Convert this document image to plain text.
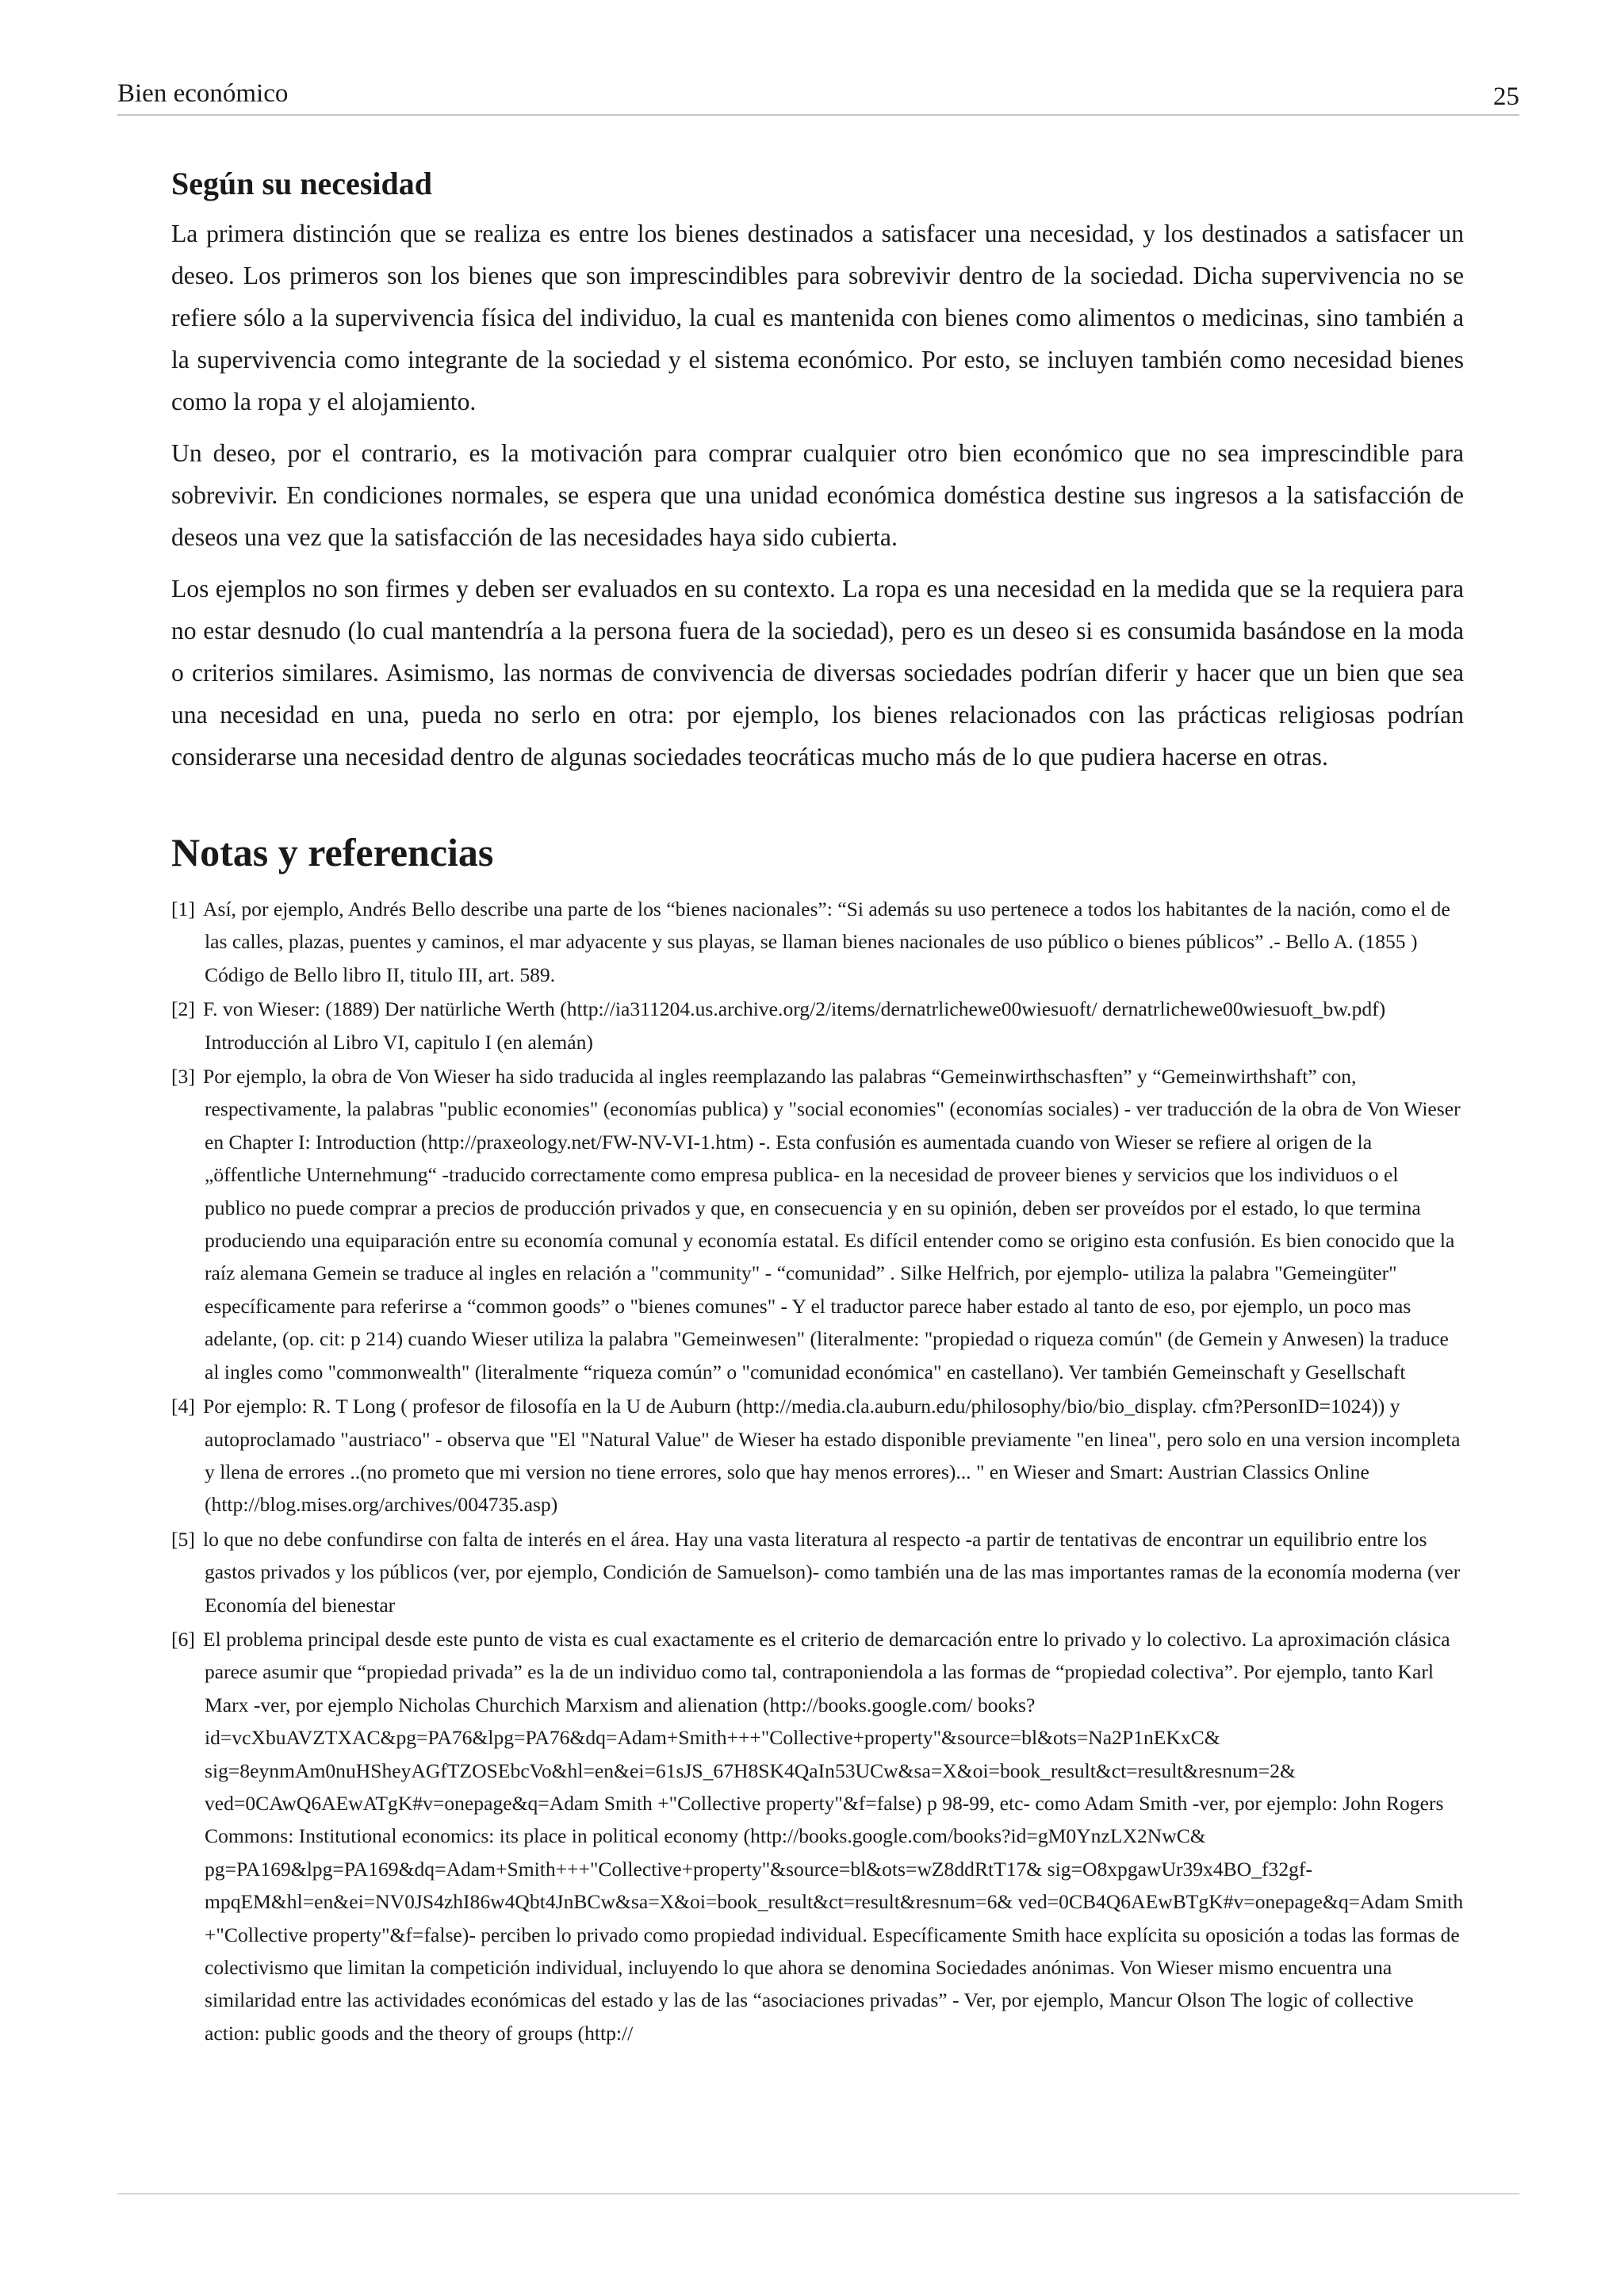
Bien económico	25
Según su necesidad

La primera distinción que se realiza es entre los bienes destinados a satisfacer una necesidad, y los destinados a satisfacer un deseo. Los primeros son los bienes que son imprescindibles para sobrevivir dentro de la sociedad. Dicha supervivencia no se refiere sólo a la supervivencia física del individuo, la cual es mantenida con bienes como alimentos o medicinas, sino también a la supervivencia como integrante de la sociedad y el sistema económico. Por esto, se incluyen también como necesidad bienes como la ropa y el alojamiento.

Un deseo, por el contrario, es la motivación para comprar cualquier otro bien económico que no sea imprescindible para sobrevivir. En condiciones normales, se espera que una unidad económica doméstica destine sus ingresos a la satisfacción de deseos una vez que la satisfacción de las necesidades haya sido cubierta.

Los ejemplos no son firmes y deben ser evaluados en su contexto. La ropa es una necesidad en la medida que se la requiera para no estar desnudo (lo cual mantendría a la persona fuera de la sociedad), pero es un deseo si es consumida basándose en la moda o criterios similares. Asimismo, las normas de convivencia de diversas sociedades podrían diferir y hacer que un bien que sea una necesidad en una, pueda no serlo en otra: por ejemplo, los bienes relacionados con las prácticas religiosas podrían considerarse una necesidad dentro de algunas sociedades teocráticas mucho más de lo que pudiera hacerse en otras.

Notas y referencias
[1] Así, por ejemplo, Andrés Bello describe una parte de los “bienes nacionales”: “Si además su uso pertenece a todos los habitantes de la nación, como el de las calles, plazas, puentes y caminos, el mar adyacente y sus playas, se llaman bienes nacionales de uso público o bienes públicos” .- Bello A. (1855 ) Código de Bello libro II, titulo III, art. 589.
[2] F. von Wieser: (1889) Der natürliche Werth (http://ia311204.us.archive.org/2/items/dernatrlichewe00wiesuoft/ dernatrlichewe00wiesuoft_bw.pdf) Introducción al Libro VI, capitulo I (en alemán)
[3] Por ejemplo, la obra de Von Wieser ha sido traducida al ingles reemplazando las palabras “Gemeinwirthschasften” y “Gemeinwirthshaft” con, respectivamente, la palabras "public economies" (economías publica) y "social economies" (economías sociales) - ver traducción de la obra de Von Wieser en Chapter I: Introduction (http://praxeology.net/FW-NV-VI-1.htm) -. Esta confusión es aumentada cuando von Wieser se refiere al origen de la „öffentliche Unternehmung“ -traducido correctamente como empresa publica- en la necesidad de proveer bienes y servicios que los individuos o el publico no puede comprar a precios de producción privados y que, en consecuencia y en su opinión, deben ser proveídos por el estado, lo que termina produciendo una equiparación entre su economía comunal y economía estatal. Es difícil entender como se origino esta confusión. Es bien conocido que la raíz alemana Gemein se traduce al ingles en relación a "community" - “comunidad” . Silke Helfrich, por ejemplo- utiliza la palabra "Gemeingüter" específicamente para referirse a “common goods” o "bienes comunes" - Y el traductor parece haber estado al tanto de eso, por ejemplo, un poco mas adelante, (op. cit: p 214) cuando Wieser utiliza la palabra "Gemeinwesen" (literalmente: "propiedad o riqueza común" (de Gemein y Anwesen) la traduce al ingles como "commonwealth" (literalmente “riqueza común” o "comunidad económica" en castellano). Ver también Gemeinschaft y Gesellschaft
[4] Por ejemplo: R. T Long ( profesor de filosofía en la U de Auburn (http://media.cla.auburn.edu/philosophy/bio/bio_display. cfm?PersonID=1024)) y autoproclamado "austriaco" - observa que "El "Natural Value" de Wieser ha estado disponible previamente "en linea", pero solo en una version incompleta y llena de errores ..(no prometo que mi version no tiene errores, solo que hay menos errores)... " en Wieser and Smart: Austrian Classics Online (http://blog.mises.org/archives/004735.asp)
[5] lo que no debe confundirse con falta de interés en el área. Hay una vasta literatura al respecto -a partir de tentativas de encontrar un equilibrio entre los gastos privados y los públicos (ver, por ejemplo, Condición de Samuelson)- como también una de las mas importantes ramas de la economía moderna (ver Economía del bienestar
[6] El problema principal desde este punto de vista es cual exactamente es el criterio de demarcación entre lo privado y lo colectivo. La aproximación clásica parece asumir que “propiedad privada” es la de un individuo como tal, contraponiendola a las formas de “propiedad colectiva”. Por ejemplo, tanto Karl Marx -ver, por ejemplo Nicholas Churchich Marxism and alienation (http://books.google.com/ books?id=vcXbuAVZTXAC&pg=PA76&lpg=PA76&dq=Adam+Smith+++"Collective+property"&source=bl&ots=Na2P1nEKxC& sig=8eynmAm0nuHSheyAGfTZOSEbcVo&hl=en&ei=61sJS_67H8SK4QaIn53UCw&sa=X&oi=book_result&ct=result&resnum=2& ved=0CAwQ6AEwATgK#v=onepage&q=Adam Smith +"Collective property"&f=false) p 98-99, etc- como Adam Smith -ver, por ejemplo: John Rogers Commons: Institutional economics: its place in political economy (http://books.google.com/books?id=gM0YnzLX2NwC& pg=PA169&lpg=PA169&dq=Adam+Smith+++"Collective+property"&source=bl&ots=wZ8ddRtT17& sig=O8xpgawUr39x4BO_f32gf-mpqEM&hl=en&ei=NV0JS4zhI86w4Qbt4JnBCw&sa=X&oi=book_result&ct=result&resnum=6& ved=0CB4Q6AEwBTgK#v=onepage&q=Adam Smith +"Collective property"&f=false)- perciben lo privado como propiedad individual. Específicamente Smith hace explícita su oposición a todas las formas de colectivismo que limitan la competición individual, incluyendo lo que ahora se denomina Sociedades anónimas. Von Wieser mismo encuentra una similaridad entre las actividades económicas del estado y las de las “asociaciones privadas” - Ver, por ejemplo, Mancur Olson The logic of collective action: public goods and the theory of groups (http://
